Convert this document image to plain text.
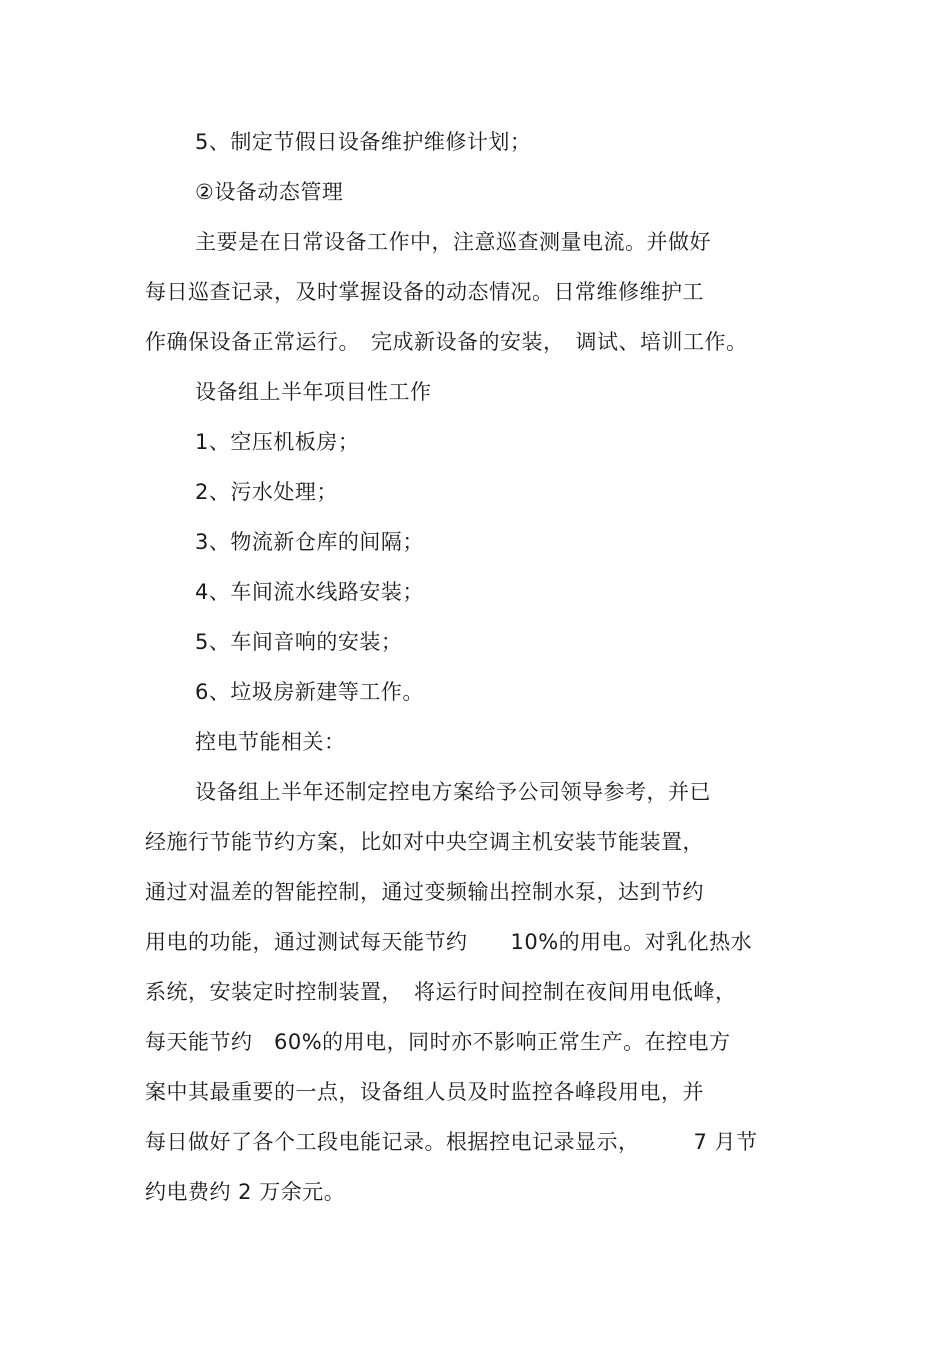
5、制定节假日设备维护维修计划；
②设备动态管理
主要是在日常设备工作中，注意巡查测量电流。并做好
每日巡查记录，及时掌握设备的动态情况。日常维修维护工
作确保设备正常运行。　完成新设备的安装，　调试、培训工作。
设备组上半年项目性工作
1、空压机板房；
2、污水处理；
3、物流新仓库的间隔；
4、车间流水线路安装；
5、车间音响的安装；
6、垃圾房新建等工作。
控电节能相关：
设备组上半年还制定控电方案给予公司领导参考，并已
经施行节能节约方案，比如对中央空调主机安装节能装置，
通过对温差的智能控制，通过变频输出控制水泵，达到节约
用电的功能，通过测试每天能节约　　10%的用电。对乳化热水
系统，安装定时控制装置，　将运行时间控制在夜间用电低峰，
每天能节约　60%的用电，同时亦不影响正常生产。在控电方
案中其最重要的一点，设备组人员及时监控各峰段用电，并
每日做好了各个工段电能记录。根据控电记录显示，　　　7 月节
约电费约 2 万余元。
